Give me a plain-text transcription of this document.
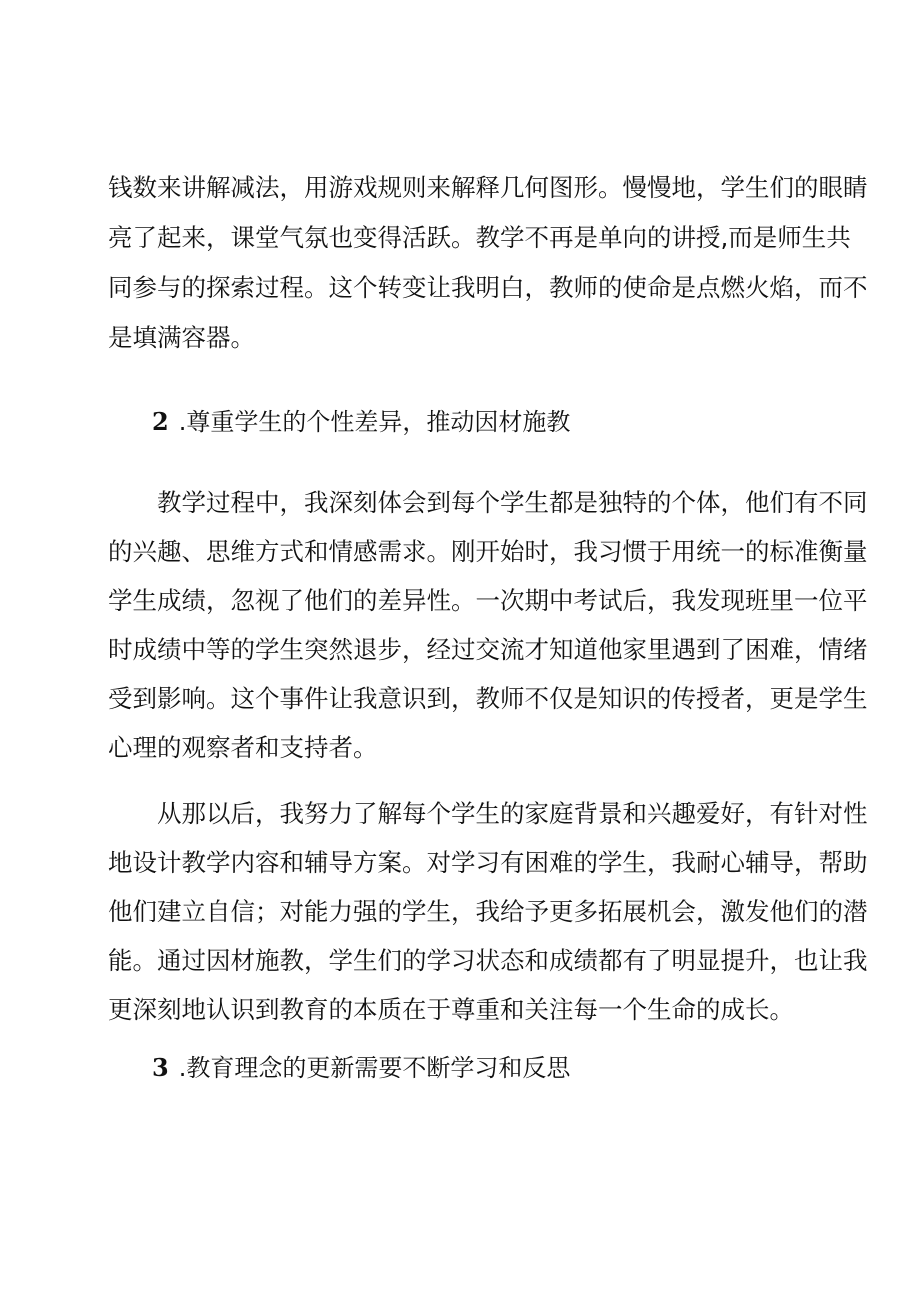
钱数来讲解减法，用游戏规则来解释几何图形。慢慢地，学生们的眼睛
亮了起来，课堂气氛也变得活跃。教学不再是单向的讲授,而是师生共
同参与的探索过程。这个转变让我明白，教师的使命是点燃火焰，而不
是填满容器。
2 .尊重学生的个性差异，推动因材施教
教学过程中，我深刻体会到每个学生都是独特的个体，他们有不同
的兴趣、思维方式和情感需求。刚开始时，我习惯于用统一的标准衡量
学生成绩，忽视了他们的差异性。一次期中考试后，我发现班里一位平
时成绩中等的学生突然退步，经过交流才知道他家里遇到了困难，情绪
受到影响。这个事件让我意识到，教师不仅是知识的传授者，更是学生
心理的观察者和支持者。
从那以后，我努力了解每个学生的家庭背景和兴趣爱好，有针对性
地设计教学内容和辅导方案。对学习有困难的学生，我耐心辅导，帮助
他们建立自信；对能力强的学生，我给予更多拓展机会，激发他们的潜
能。通过因材施教，学生们的学习状态和成绩都有了明显提升，也让我
更深刻地认识到教育的本质在于尊重和关注每一个生命的成长。
3 .教育理念的更新需要不断学习和反思
